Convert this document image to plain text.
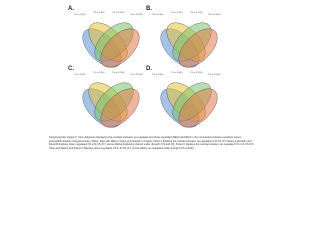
A.
CS vs R (0h)
CS vs R (6h)	CS vs R (12h)
CS vs R (24h)
B.
CS vs R (0h)
CS vs R (6h)	CS vs R (12h)
CS vs R (24h)
C.
CS vs R (0h)
CS vs R (6h)	CS vs R (12h)
CS vs R (24h)
D.
CS vs R (0h)
CS vs R (6h)	CS vs R (12h)
CS vs R (24h)
Supplementary Figure 5. Venn diagrams displaying the overlaps between up-regulated and down-regulated DEGs identified in the comparison between resistant versus susceptible families (Supplementary Table); data with DEGs unique and shared in at least. Panel A displays the overlap between up-regulated in R-CS (0 h (blue) and black) and Panel B displays down-regulated CS in R-CS (0 h versus DEGs displaying shared under drought (CS and R)). Panel C displays the overlap between up-regulated CS in R-CS (0 h (blue and black)) and Panel D displays down-regulated CS in R-CS (0 h versus DEGs up-regulated under drought (CS and R)).
